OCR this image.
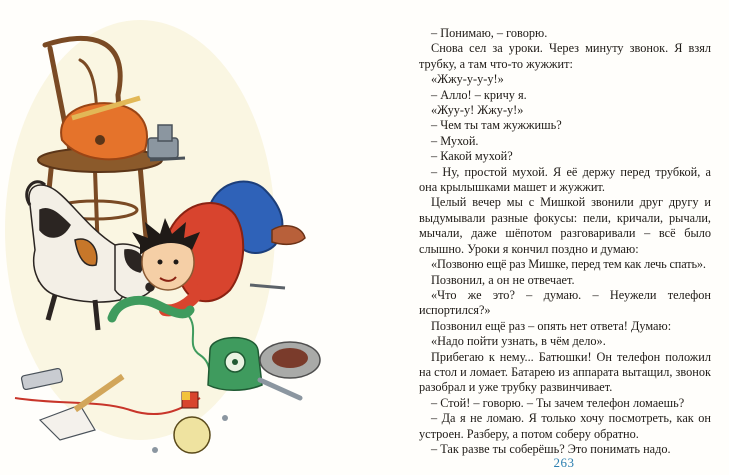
– Понимаю, – говорю.

Снова сел за уроки. Через минуту звонок. Я взял трубку, а там что-то жужжит:

«Жжу-у-у-у!»

– Алло! – кричу я.

«Жуу-у! Жжу-у!»

– Чем ты там жужжишь?

– Мухой.

– Какой мухой?

– Ну, простой мухой. Я её держу перед трубкой, а она крылышками машет и жужжит.

Целый вечер мы с Мишкой звонили друг другу и выдумывали разные фокусы: пели, кричали, рычали, мычали, даже шёпотом разговаривали – всё было слышно. Уроки я кончил поздно и думаю:

«Позвоню ещё раз Мишке, перед тем как лечь спать».

Позвонил, а он не отвечает.

«Что же это? – думаю. – Неужели телефон испортился?»

Позвонил ещё раз – опять нет ответа! Думаю:

«Надо пойти узнать, в чём дело».

Прибегаю к нему... Батюшки! Он телефон положил на стол и ломает. Батарею из аппарата вытащил, звонок разобрал и уже трубку развинчивает.

– Стой! – говорю. – Ты зачем телефон ломаешь?

– Да я не ломаю. Я только хочу посмотреть, как он устроен. Разберу, а потом соберу обратно.

– Так разве ты соберёшь? Это понимать надо.

263
